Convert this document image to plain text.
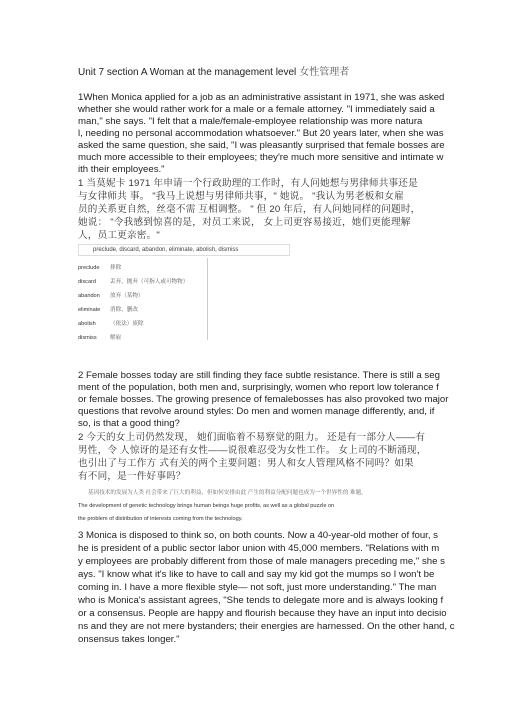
Unit 7 section A Woman at the management level 女性管理者
1When Monica applied for a job as an administrative assistant in 1971, she was asked
whether she would rather work for a male or a female attorney. "I immediately said a
man," she says. "I felt that a male/female-employee relationship was more natura
l, needing no personal accommodation whatsoever." But 20 years later, when she was
asked the same question, she said, "I was pleasantly surprised that female bosses are
much more accessible to their employees; they're much more sensitive and intimate w
ith their employees."
1 当莫妮卡 1971 年申请一个行政助理的工作时，有人问她想与男律师共事还是
与女律师共 事。 "我马上说想与男律师共事，" 她说。 "我认为男老板和女雇
员的关系更自然，丝毫不需 互相调整。 " 但 20 年后，有人问她同样的问题时，
她说： "令我感到惊喜的是，对员工来说， 女上司更容易接近，她们更能理解
人，员工更亲密。"
preclude, discard, abandon, eliminate, abolish, dismiss
preclude 排除
discard 丢弃，抛弃（可指人或可物物）
abandon 放弃（某物）
eliminate 消除，删改
abolish	（依法）废除
dismiss 解雇
2 Female bosses today are still finding they face subtle resistance. There is still a seg
ment of the population, both men and, surprisingly, women who report low tolerance f
or female bosses. The growing presence of femalebosses has also provoked two major
questions that revolve around styles: Do men and women manage differently, and, if
so, is that a good thing?
2 今天的女上司仍然发现， 她们面临着不易察觉的阻力。 还是有一部分人——有
男性，令 人惊讶的是还有女性——说很难忍受为女性工作。 女上司的不断涌现，
也引出了与工作方 式有关的两个主要问题：男人和女人管理风格不同吗？如果
有不同，是一件好事吗？
基因技术的发展为人类 社会带来了巨大的利益，但如何安排由此 产生的利益分配问题也成为一个世界性的 难题。
The development of genetic technology brings human beings huge profits, as well as a global puzzle on
the problem of distribution of interests coming from the technology.
3 Monica is disposed to think so, on both counts. Now a 40-year-old mother of four, s
he is president of a public sector labor union with 45,000 members. "Relations with m
y employees are probably different from those of male managers preceding me," she s
ays. "I know what it's like to have to call and say my kid got the mumps so I won't be
coming in. I have a more flexible style— not soft, just more understanding." The man
who is Monica's assistant agrees, "She tends to delegate more and is always looking f
or a consensus. People are happy and flourish because they have an input into decisio
ns and they are not mere bystanders; their energies are harnessed. On the other hand, c
onsensus takes longer."
